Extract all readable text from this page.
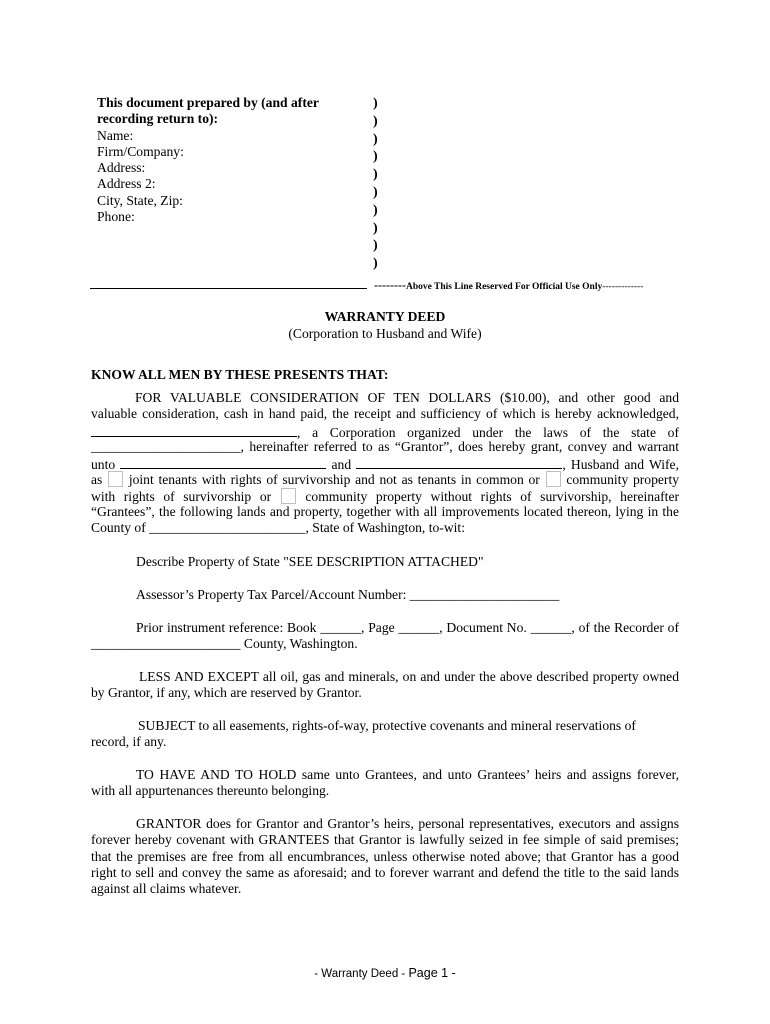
This document prepared by (and after recording return to):
Name:
Firm/Company:
Address:
Address 2:
City, State, Zip:
Phone:
)
)
)
)
)
)
)
)
)
)
--------Above This Line Reserved For Official Use Only-------------
WARRANTY DEED
(Corporation to Husband and Wife)
KNOW ALL MEN BY THESE PRESENTS THAT:
FOR VALUABLE CONSIDERATION OF TEN DOLLARS ($10.00), and other good and
valuable consideration, cash in hand paid, the receipt and sufficiency of which is hereby acknowledged,
, a Corporation organized under the laws of the state of
______________________, hereinafter referred to as “Grantor”, does hereby grant, convey and warrant
unto	and	, Husband and Wife,
as joint tenants with rights of survivorship and not as tenants in common or community property
with rights of survivorship or	community property without rights of survivorship, hereinafter
“Grantees”, the following lands and property, together with all improvements located thereon, lying in the
County of _______________________, State of Washington, to-wit:
Describe Property of State "SEE DESCRIPTION ATTACHED"
Assessor’s Property Tax Parcel/Account Number: ______________________
Prior instrument reference: Book ______, Page ______, Document No. ______, of the Recorder of
______________________ County, Washington.
LESS AND EXCEPT all oil, gas and minerals, on and under the above described property owned
by Grantor, if any, which are reserved by Grantor.
SUBJECT to all easements, rights-of-way, protective covenants and mineral reservations of
record, if any.
TO HAVE AND TO HOLD same unto Grantees, and unto Grantees’ heirs and assigns forever,
with all appurtenances thereunto belonging.
GRANTOR does for Grantor and Grantor’s heirs, personal representatives, executors and assigns
forever hereby covenant with GRANTEES that Grantor is lawfully seized in fee simple of said premises;
that the premises are free from all encumbrances, unless otherwise noted above; that Grantor has a good
right to sell and convey the same as aforesaid; and to forever warrant and defend the title to the said lands
against all claims whatever.
- Warranty Deed - Page 1 -
